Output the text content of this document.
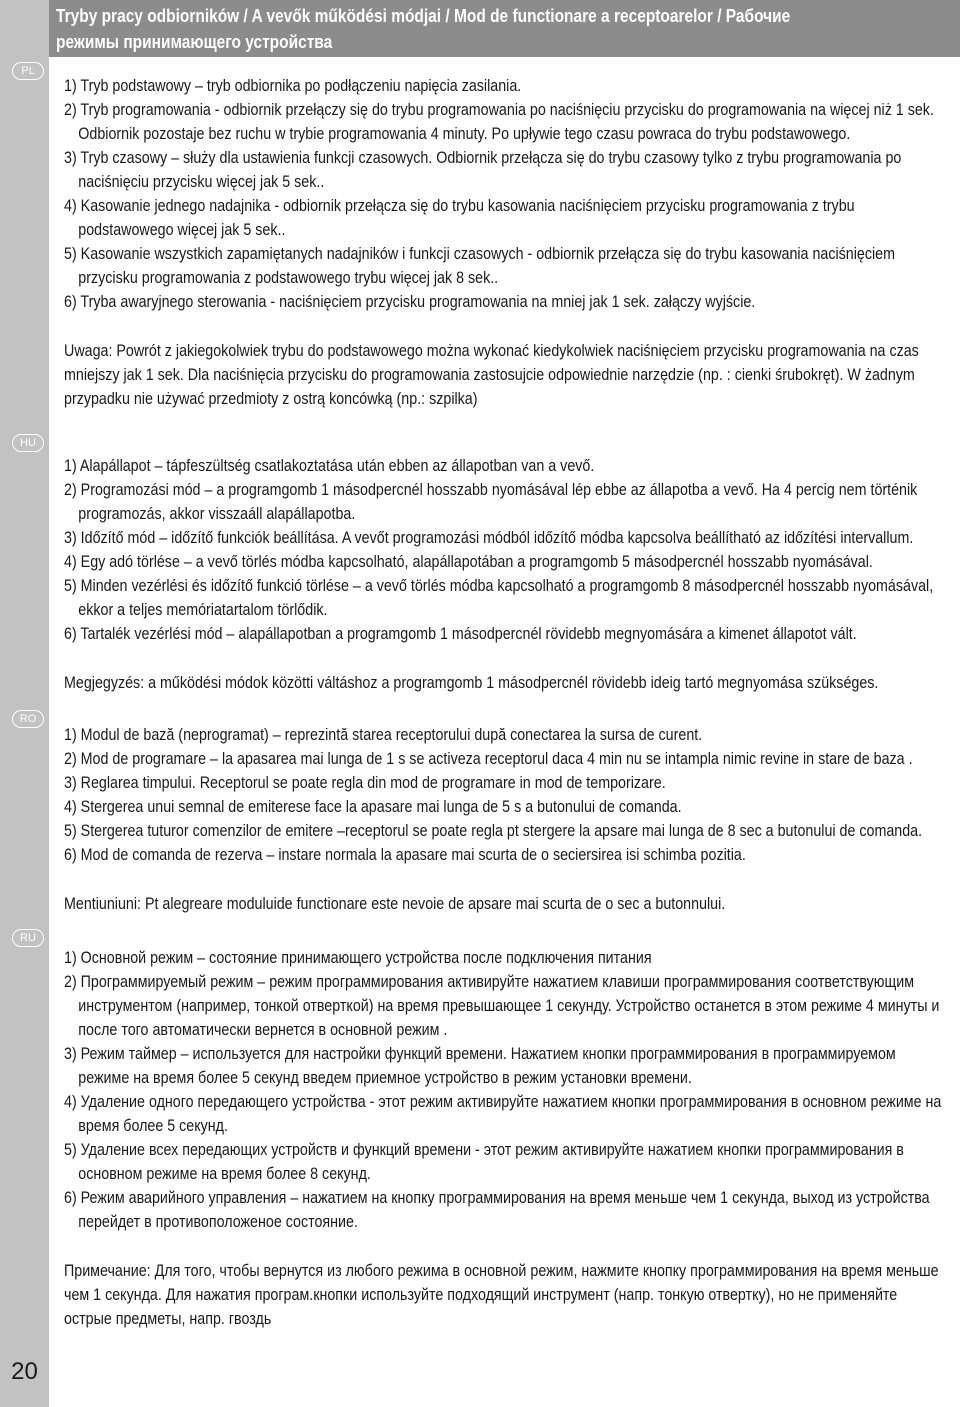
Tryby pracy odbiorników / A vevők működési módjai / Mod de functionare a receptoarelor / Рабочие режимы принимающего устройства
PL
HU
RO
RU
20

1) Tryb podstawowy – tryb odbiornika po podłączeniu napięcia zasilania.

2) Tryb programowania - odbiornik przełączy się do trybu programowania po naciśnięciu przycisku do programowania na więcej niż 1 sek. Odbiornik pozostaje bez ruchu w trybie programowania 4 minuty. Po upływie tego czasu powraca do trybu podstawowego.

3) Tryb czasowy – służy dla ustawienia funkcji czasowych. Odbiornik przełącza się do trybu czasowy tylko z trybu programowania po naciśnięciu przycisku więcej jak 5 sek..

4) Kasowanie jednego nadajnika - odbiornik przełącza się do trybu kasowania naciśnięciem przycisku programowania z trybu podstawowego więcej jak 5 sek..

5) Kasowanie wszystkich zapamiętanych nadajników i funkcji czasowych - odbiornik przełącza się do trybu kasowania naciśnięciem przycisku programowania z podstawowego trybu więcej jak 8 sek..

6) Tryba awaryjnego sterowania - naciśnięciem przycisku programowania na mniej jak 1 sek. załączy wyjście.

Uwaga: Powrót z jakiegokolwiek trybu do podstawowego można wykonać kiedykolwiek naciśnięciem przycisku programowania na czas mniejszy jak 1 sek. Dla naciśnięcia przycisku do programowania zastosujcie odpowiednie narzędzie (np. : cienki śrubokręt). W żadnym przypadku nie używać przedmioty z ostrą koncówką (np.: szpilka)

1) Alapállapot – tápfeszültség csatlakoztatása után ebben az állapotban van a vevő.

2) Programozási mód – a programgomb 1 másodpercnél hosszabb nyomásával lép ebbe az állapotba a vevő. Ha 4 percig nem történik programozás, akkor visszaáll alapállapotba.

3) Időzítő mód – időzítő funkciók beállítása. A vevőt programozási módból időzítő módba kapcsolva beállítható az időzítési intervallum.

4) Egy adó törlése – a vevő törlés módba kapcsolható, alapállapotában a programgomb 5 másodpercnél hosszabb nyomásával.

5) Minden vezérlési és időzítő funkció törlése – a vevő törlés módba kapcsolható a programgomb 8 másodpercnél hosszabb nyomásával, ekkor a teljes memóriatartalom törlődik.

6) Tartalék vezérlési mód – alapállapotban a programgomb 1 másodpercnél rövidebb megnyomására a kimenet állapotot vált.

Megjegyzés: a működési módok közötti váltáshoz a programgomb 1 másodpercnél rövidebb ideig tartó megnyomása szükséges.

1) Modul de bază (neprogramat) – reprezintă starea receptorului după conectarea la sursa de curent.

2) Mod de programare – la apasarea mai lunga de 1 s se activeza receptorul daca 4 min nu se intampla nimic revine in stare de baza .

3) Reglarea timpului. Receptorul se poate regla din mod de programare in mod de temporizare.

4) Stergerea unui semnal de emiterese face la apasare mai lunga de 5 s a butonului de comanda.

5) Stergerea tuturor comenzilor de emitere –receptorul se poate regla pt stergere la apsare mai lunga de 8 sec a butonului de comanda.

6) Mod de comanda de rezerva – instare normala la apasare mai scurta de o seciersirea isi schimba pozitia.

Mentiuniuni: Pt alegreare moduluide functionare este nevoie de apsare mai scurta de o sec a butonnului.

1) Основной режим – состояние принимающего устройства после подключения питания

2) Программируемый режим – режим программирования активируйте нажатием клавиши программирования соответствующим инструментом (например, тонкой отверткой) на время превышающее 1 секунду. Устройство останется в этом режиме 4 минуты и после того автоматически вернется в основной режим .

3) Режим таймер – используется для настройки функций времени. Нажатием кнопки программирования в программируемом режиме на время более 5 секунд введем приемное устройство в режим установки времени.

4) Удаление одного передающего устройства - этот режим активируйте нажатием кнопки программирования в основном режиме на время более 5 секунд.

5) Удаление всех передающих устройств и функций времени - этот режим активируйте нажатием кнопки программирования в основном режиме на время более 8 секунд.

6) Режим аварийного управления – нажатием на кнопку программирования на время меньше чем 1 секунда, выход из устройства перейдет в противоположеное состояние.

Примечание: Для того, чтобы вернутся из любого режима в основной режим, нажмите кнопку программирования на время меньше чем 1 секунда. Для нажатия програм.кнопки используйте подходящий инструмент (напр. тонкую отвертку), но не применяйте острые предметы, напр. гвоздь
